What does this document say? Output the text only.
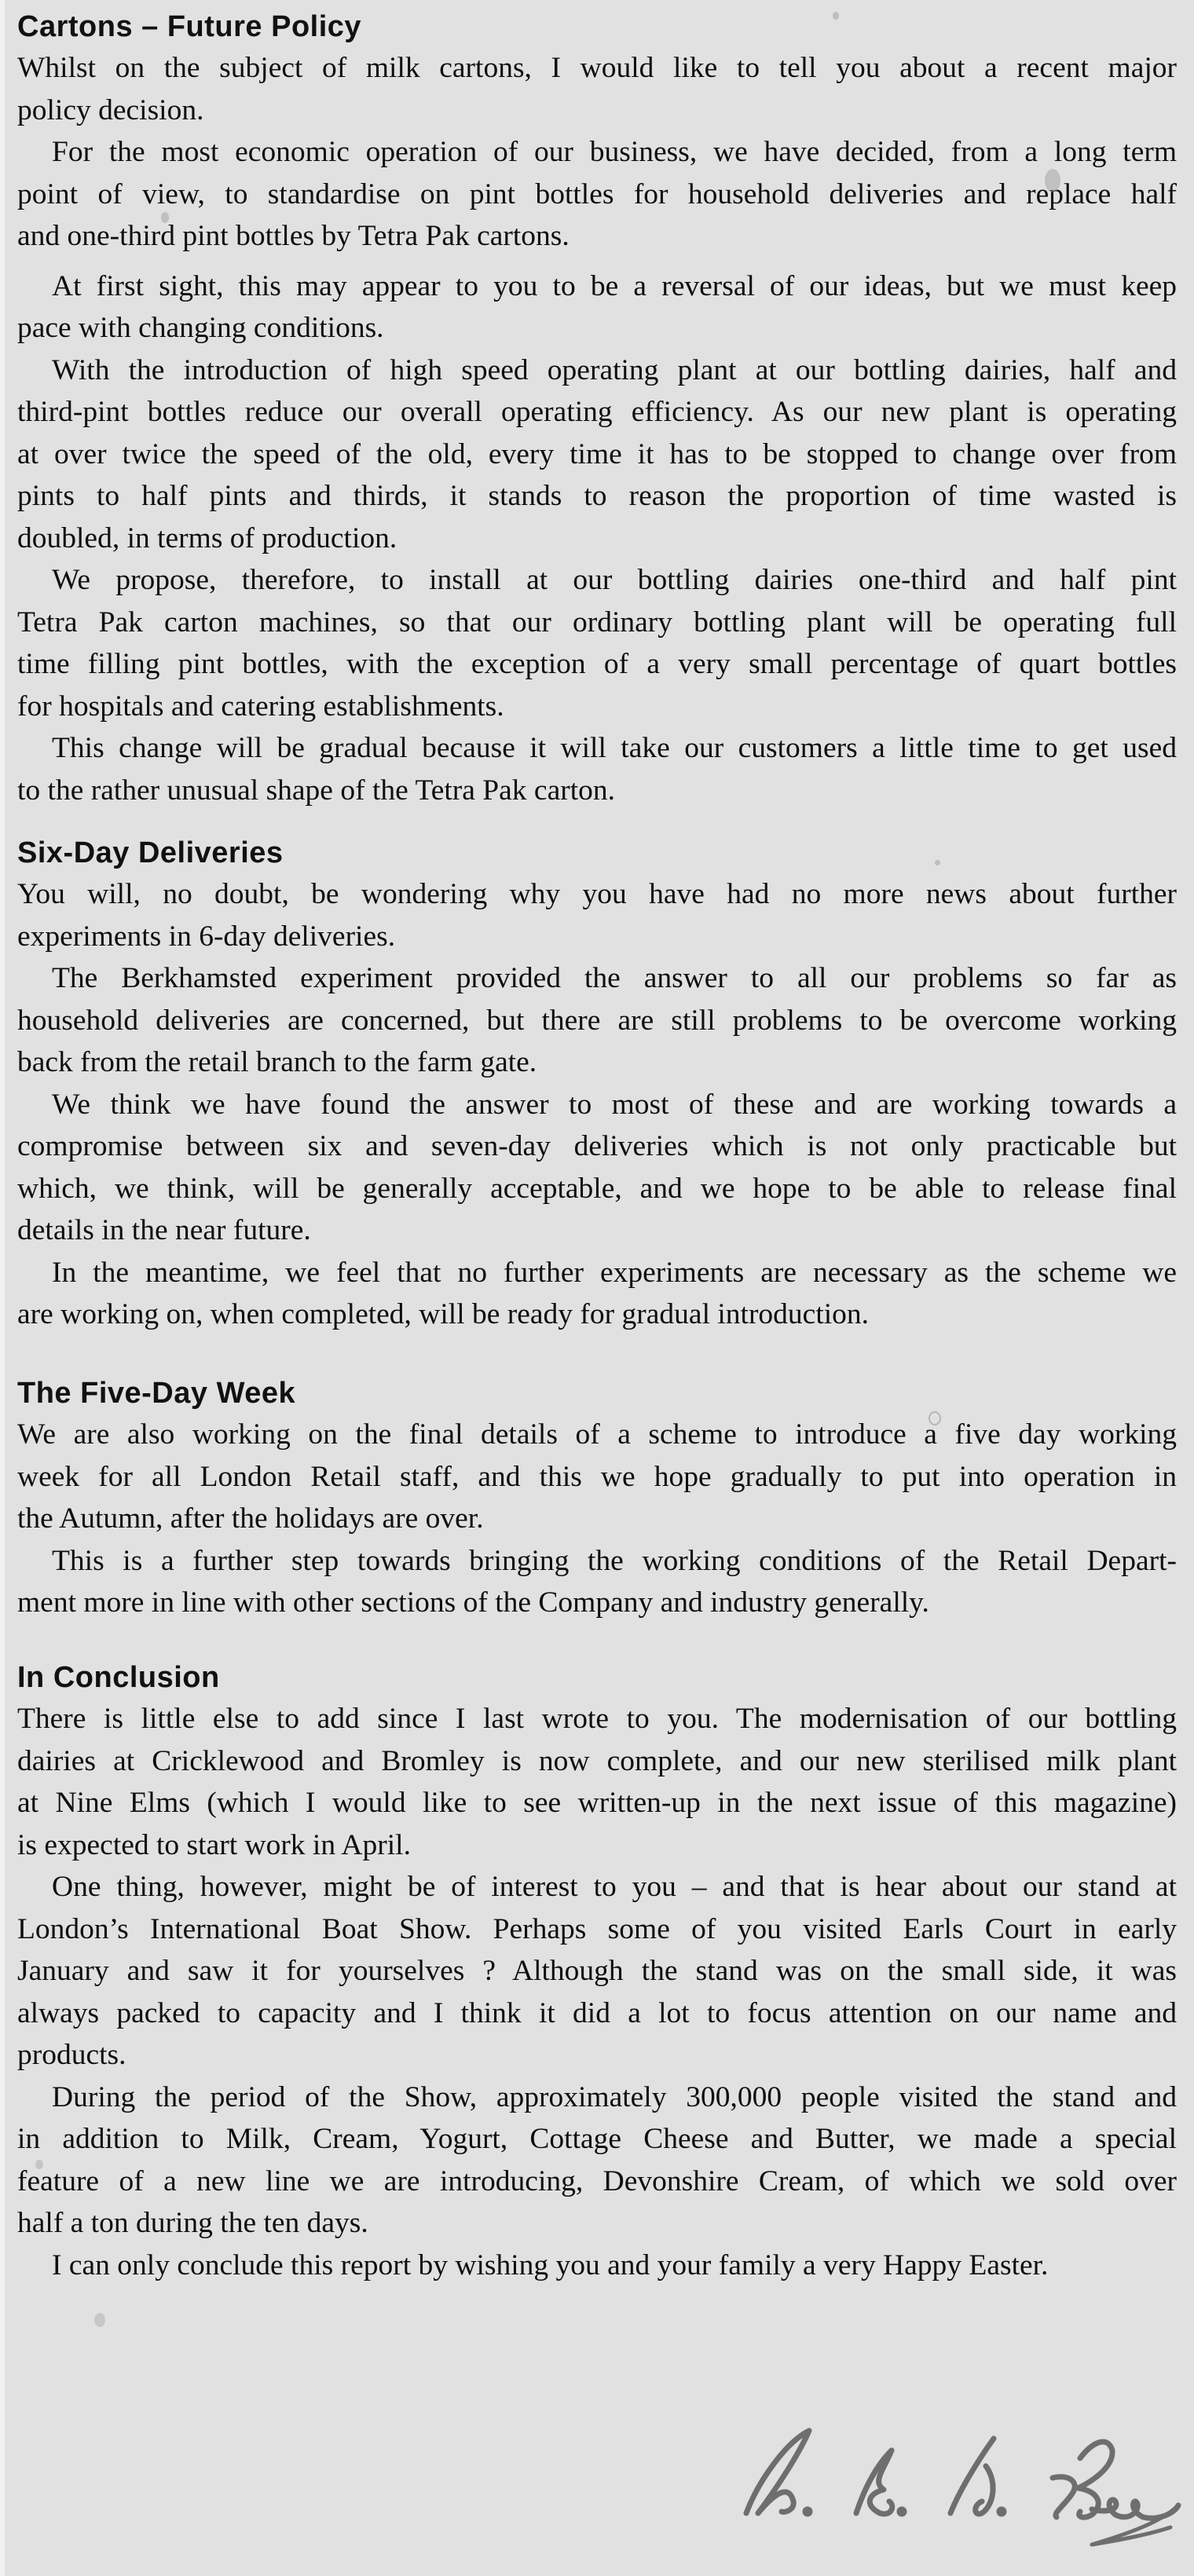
Cartons – Future Policy
Whilst on the subject of milk cartons, I would like to tell you about a recent major
policy decision.
For the most economic operation of our business, we have decided, from a long term
point of view, to standardise on pint bottles for household deliveries and replace half
and one-third pint bottles by Tetra Pak cartons.
At first sight, this may appear to you to be a reversal of our ideas, but we must keep
pace with changing conditions.
With the introduction of high speed operating plant at our bottling dairies, half and
third-pint bottles reduce our overall operating efficiency. As our new plant is operating
at over twice the speed of the old, every time it has to be stopped to change over from
pints to half pints and thirds, it stands to reason the proportion of time wasted is
doubled, in terms of production.
We propose, therefore, to install at our bottling dairies one-third and half pint
Tetra Pak carton machines, so that our ordinary bottling plant will be operating full
time filling pint bottles, with the exception of a very small percentage of quart bottles
for hospitals and catering establishments.
This change will be gradual because it will take our customers a little time to get used
to the rather unusual shape of the Tetra Pak carton.
Six-Day Deliveries
You will, no doubt, be wondering why you have had no more news about further
experiments in 6-day deliveries.
The Berkhamsted experiment provided the answer to all our problems so far as
household deliveries are concerned, but there are still problems to be overcome working
back from the retail branch to the farm gate.
We think we have found the answer to most of these and are working towards a
compromise between six and seven-day deliveries which is not only practicable but
which, we think, will be generally acceptable, and we hope to be able to release final
details in the near future.
In the meantime, we feel that no further experiments are necessary as the scheme we
are working on, when completed, will be ready for gradual introduction.
The Five-Day Week
We are also working on the final details of a scheme to introduce a five day working
week for all London Retail staff, and this we hope gradually to put into operation in
the Autumn, after the holidays are over.
This is a further step towards bringing the working conditions of the Retail Depart-
ment more in line with other sections of the Company and industry generally.
In Conclusion
There is little else to add since I last wrote to you. The modernisation of our bottling
dairies at Cricklewood and Bromley is now complete, and our new sterilised milk plant
at Nine Elms (which I would like to see written-up in the next issue of this magazine)
is expected to start work in April.
One thing, however, might be of interest to you – and that is hear about our stand at
London’s International Boat Show. Perhaps some of you visited Earls Court in early
January and saw it for yourselves ? Although the stand was on the small side, it was
always packed to capacity and I think it did a lot to focus attention on our name and
products.
During the period of the Show, approximately 300,000 people visited the stand and
in addition to Milk, Cream, Yogurt, Cottage Cheese and Butter, we made a special
feature of a new line we are introducing, Devonshire Cream, of which we sold over
half a ton during the ten days.
I can only conclude this report by wishing you and your family a very Happy Easter.
